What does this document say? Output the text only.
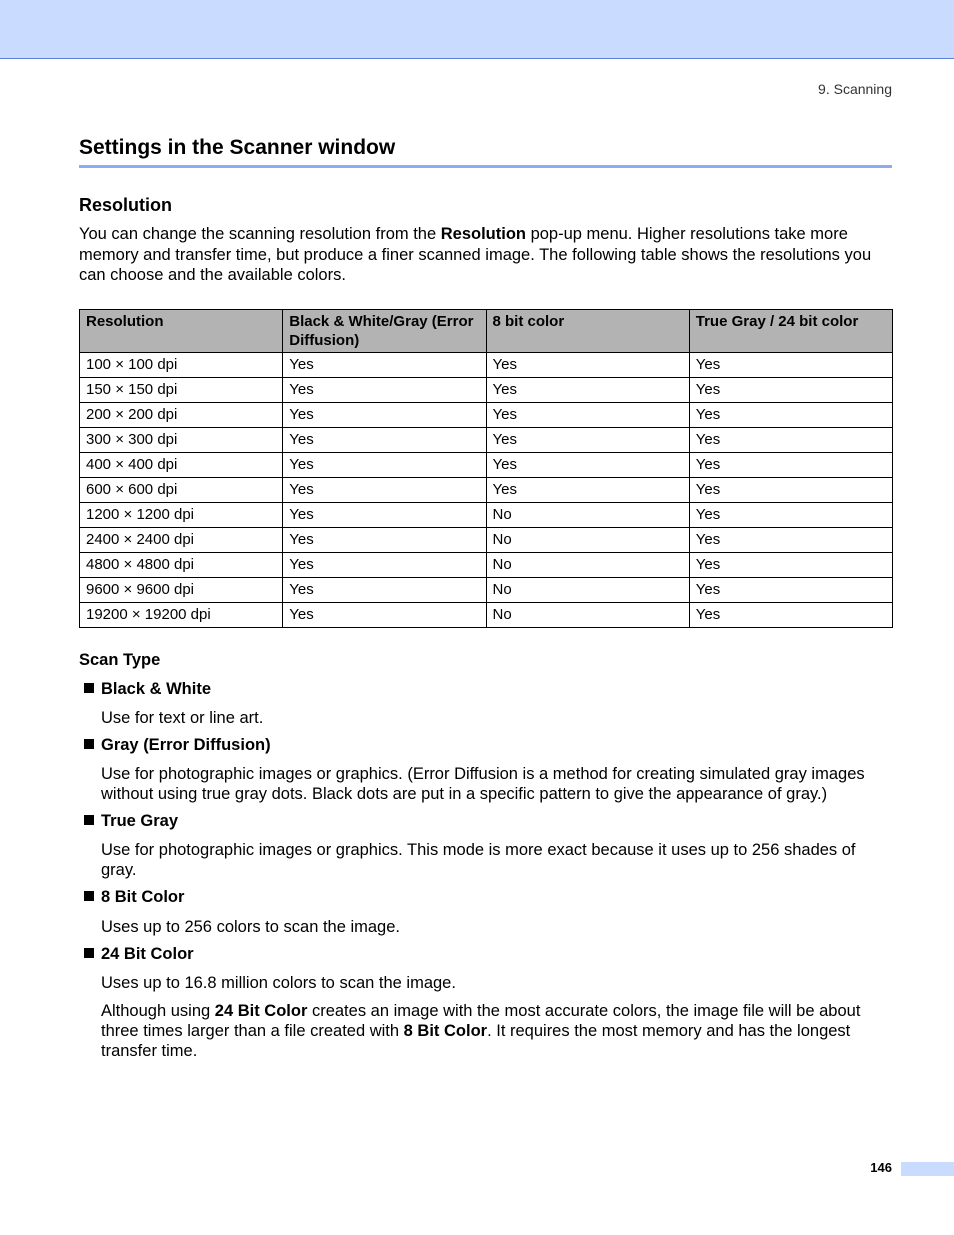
9. Scanning
Settings in the Scanner window
Resolution

You can change the scanning resolution from the Resolution pop-up menu. Higher resolutions take more memory and transfer time, but produce a finer scanned image. The following table shows the resolutions you can choose and the available colors.

Resolution	Black & White/Gray (Error Diffusion)	8 bit color	True Gray / 24 bit color
100 × 100 dpi	Yes	Yes	Yes
150 × 150 dpi	Yes	Yes	Yes
200 × 200 dpi	Yes	Yes	Yes
300 × 300 dpi	Yes	Yes	Yes
400 × 400 dpi	Yes	Yes	Yes
600 × 600 dpi	Yes	Yes	Yes
1200 × 1200 dpi	Yes	No	Yes
2400 × 2400 dpi	Yes	No	Yes
4800 × 4800 dpi	Yes	No	Yes
9600 × 9600 dpi	Yes	No	Yes
19200 × 19200 dpi	Yes	No	Yes
Scan Type
Black & White
Use for text or line art.
Gray (Error Diffusion)
Use for photographic images or graphics. (Error Diffusion is a method for creating simulated gray images without using true gray dots. Black dots are put in a specific pattern to give the appearance of gray.)
True Gray
Use for photographic images or graphics. This mode is more exact because it uses up to 256 shades of gray.
8 Bit Color
Uses up to 256 colors to scan the image.
24 Bit Color
Uses up to 16.8 million colors to scan the image.

Although using 24 Bit Color creates an image with the most accurate colors, the image file will be about three times larger than a file created with 8 Bit Color. It requires the most memory and has the longest transfer time.

146
